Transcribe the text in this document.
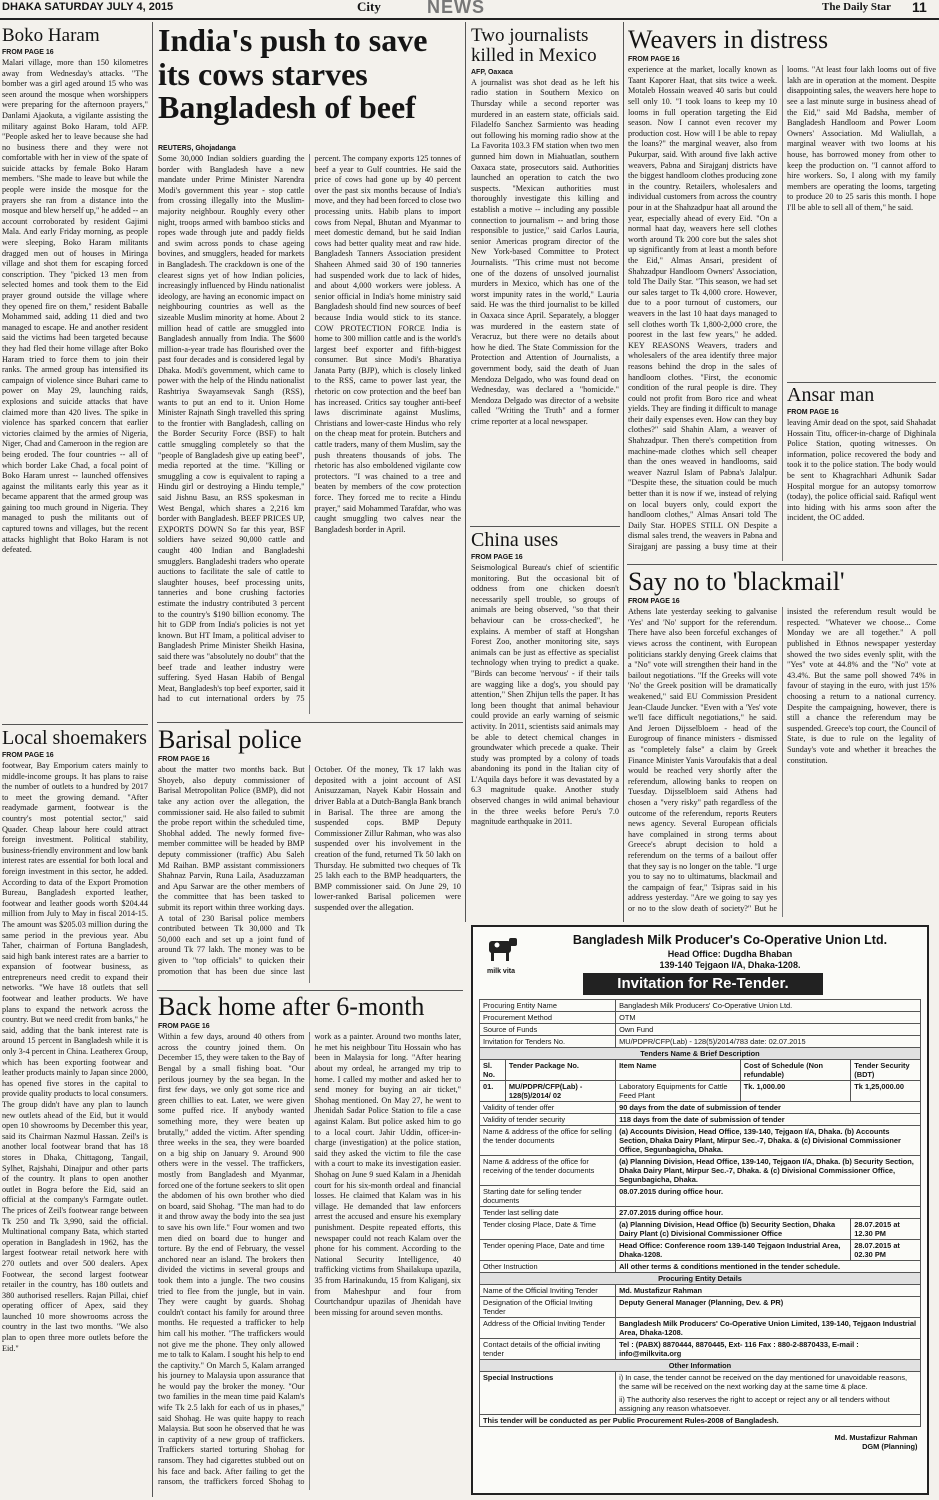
DHAKA SATURDAY JULY 4, 2015	City	NEWS	The Daily Star 11
Boko Haram
FROM PAGE 16
Malari village, more than 150 kilometres away from Wednesday's attacks. "The bomber was a girl aged around 15 who was seen around the mosque when worshippers were preparing for the afternoon prayers," Danlami Ajaokuta, a vigilante assisting the military against Boko Haram, told AFP. "People asked her to leave because she had no business there and they were not comfortable with her in view of the spate of suicide attacks by female Boko Haram members. "She made to leave but while the people were inside the mosque for the prayers she ran from a distance into the mosque and blew herself up," he added -- an account corroborated by resident Gajimi Mala. And early Friday morning, as people were sleeping, Boko Haram militants dragged men out of houses in Miringa village and shot them for escaping forced conscription. They "picked 13 men from selected homes and took them to the Eid prayer ground outside the village where they opened fire on them," resident Baballe Mohammed said, adding 11 died and two managed to escape. He and another resident said the victims had been targeted because they had fled their home village after Boko Haram tried to force them to join their ranks. The armed group has intensified its campaign of violence since Buhari came to power on May 29, launching raids, explosions and suicide attacks that have claimed more than 420 lives. The spike in violence has sparked concern that earlier victories claimed by the armies of Nigeria, Niger, Chad and Cameroon in the region are being eroded. The four countries -- all of which border Lake Chad, a focal point of Boko Haram unrest -- launched offensives against the militants early this year as it became apparent that the armed group was gaining too much ground in Nigeria. They managed to push the militants out of captured towns and villages, but the recent attacks highlight that Boko Haram is not defeated.
Local shoemakers
FROM PAGE 16
footwear, Bay Emporium caters mainly to middle-income groups. It has plans to raise the number of outlets to a hundred by 2017 to meet the growing demand. "After readymade garment, footwear is the country's most potential sector," said Quader. Cheap labour here could attract foreign investment. Political stability, business-friendly environment and low bank interest rates are essential for both local and foreign investment in this sector, he added. According to data of the Export Promotion Bureau, Bangladesh exported leather, footwear and leather goods worth $204.44 million from July to May in fiscal 2014-15. The amount was $205.03 million during the same period in the previous year. Abu Taher, chairman of Fortuna Bangladesh, said high bank interest rates are a barrier to expansion of footwear business, as entrepreneurs need credit to expand their networks. "We have 18 outlets that sell footwear and leather products. We have plans to expand the network across the country. But we need credit from banks," he said, adding that the bank interest rate is around 15 percent in Bangladesh while it is only 3-4 percent in China. Leatherex Group, which has been exporting footwear and leather products mainly to Japan since 2000, has opened five stores in the capital to provide quality products to local consumers. The group didn't have any plan to launch new outlets ahead of the Eid, but it would open 10 showrooms by December this year, said its Chairman Nazmul Hassan. Zeil's is another local footwear brand that has 18 stores in Dhaka, Chittagong, Tangail, Sylhet, Rajshahi, Dinajpur and other parts of the country. It plans to open another outlet in Bogra before the Eid, said an official at the company's Farmgate outlet. The prices of Zeil's footwear range between Tk 250 and Tk 3,990, said the official. Multinational company Bata, which started operation in Bangladesh in 1962, has the largest footwear retail network here with 270 outlets and over 500 dealers. Apex Footwear, the second largest footwear retailer in the country, has 180 outlets and 380 authorised resellers. Rajan Pillai, chief operating officer of Apex, said they launched 10 more showrooms across the country in the last two months. "We also plan to open three more outlets before the Eid."
India's push to save its cows starves Bangladesh of beef
REUTERS, Ghojadanga
Some 30,000 Indian soldiers guarding the border with Bangladesh have a new mandate under Prime Minister Narendra Modi's government this year - stop cattle from crossing illegally into the Muslim-majority neighbour. Roughly every other night, troops armed with bamboo sticks and ropes wade through jute and paddy fields and swim across ponds to chase ageing bovines, and smugglers, headed for markets in Bangladesh. The crackdown is one of the clearest signs yet of how Indian policies, increasingly influenced by Hindu nationalist ideology, are having an economic impact on neighbouring countries as well as the sizeable Muslim minority at home. About 2 million head of cattle are smuggled into Bangladesh annually from India. The $600 million-a-year trade has flourished over the past four decades and is considered legal by Dhaka. Modi's government, which came to power with the help of the Hindu nationalist Rashtriya Swayamsevak Sangh (RSS), wants to put an end to it. Union Home Minister Rajnath Singh travelled this spring to the frontier with Bangladesh, calling on the Border Security Force (BSF) to halt cattle smuggling completely so that the "people of Bangladesh give up eating beef", media reported at the time. "Killing or smuggling a cow is equivalent to raping a Hindu girl or destroying a Hindu temple," said Jishnu Basu, an RSS spokesman in West Bengal, which shares a 2,216 km border with Bangladesh. BEEF PRICES UP, EXPORTS DOWN So far this year, BSF soldiers have seized 90,000 cattle and caught 400 Indian and Bangladeshi smugglers. Bangladeshi traders who operate auctions to facilitate the sale of cattle to slaughter houses, beef processing units, tanneries and bone crushing factories estimate the industry contributed 3 percent to the country's $190 billion economy. The hit to GDP from India's policies is not yet known. But HT Imam, a political adviser to Bangladesh Prime Minister Sheikh Hasina, said there was "absolutely no doubt" that the beef trade and leather industry were suffering. Syed Hasan Habib of Bengal Meat, Bangladesh's top beef exporter, said it had to cut international orders by 75 percent. The company exports 125 tonnes of beef a year to Gulf countries. He said the price of cows had gone up by 40 percent over the past six months because of India's move, and they had been forced to close two processing units. Habib plans to import cows from Nepal, Bhutan and Myanmar to meet domestic demand, but he said Indian cows had better quality meat and raw hide. Bangladesh Tanners Association president Shaheen Ahmed said 30 of 190 tanneries had suspended work due to lack of hides, and about 4,000 workers were jobless. A senior official in India's home ministry said Bangladesh should find new sources of beef because India would stick to its stance. COW PROTECTION FORCE India is home to 300 million cattle and is the world's largest beef exporter and fifth-biggest consumer. But since Modi's Bharatiya Janata Party (BJP), which is closely linked to the RSS, came to power last year, the rhetoric on cow protection and the beef ban has increased. Critics say tougher anti-beef laws discriminate against Muslims, Christians and lower-caste Hindus who rely on the cheap meat for protein. Butchers and cattle traders, many of them Muslim, say the push threatens thousands of jobs. The rhetoric has also emboldened vigilante cow protectors. "I was chained to a tree and beaten by members of the cow protection force. They forced me to recite a Hindu prayer," said Mohammed Tarafdar, who was caught smuggling two calves near the Bangladesh border in April.
Barisal police
FROM PAGE 16
about the matter two months back. But Shoyeb, also deputy commissioner of Barisal Metropolitan Police (BMP), did not take any action over the allegation, the commissioner said. He also failed to submit the probe report within the scheduled time, Shobhal added. The newly formed five-member committee will be headed by BMP deputy commissioner (traffic) Abu Saleh Md Raihan. BMP assistant commissioners Shahnaz Parvin, Runa Laila, Asaduzzaman and Apu Sarwar are the other members of the committee that has been tasked to submit its report within three working days. A total of 230 Barisal police members contributed between Tk 30,000 and Tk 50,000 each and set up a joint fund of around Tk 77 lakh. The money was to be given to "top officials" to quicken their promotion that has been due since last October. Of the money, Tk 17 lakh was deposited with a joint account of ASI Anisuzzaman, Nayek Kabir Hossain and driver Babla at a Dutch-Bangla Bank branch in Barisal. The three are among the suspended cops. BMP Deputy Commissioner Zillur Rahman, who was also suspended over his involvement in the creation of the fund, returned Tk 50 lakh on Thursday. He submitted two cheques of Tk 25 lakh each to the BMP headquarters, the BMP commissioner said. On June 29, 10 lower-ranked Barisal policemen were suspended over the allegation.
Back home after 6-month
FROM PAGE 16
Within a few days, around 40 others from across the country joined them. On December 15, they were taken to the Bay of Bengal by a small fishing boat. "Our perilous journey by the sea began. In the first few days, we only got some rice and green chillies to eat. Later, we were given some puffed rice. If anybody wanted something more, they were beaten up brutally," added the victim. After spending three weeks in the sea, they were boarded on a big ship on January 9. Around 900 others were in the vessel. The traffickers, mostly from Bangladesh and Myanmar, forced one of the fortune seekers to slit open the abdomen of his own brother who died on board, said Shohag. "The man had to do it and throw away the body into the sea just to save his own life." Four women and two men died on board due to hunger and torture. By the end of February, the vessel anchored near an island. The brokers then divided the victims in several groups and took them into a jungle. The two cousins tried to flee from the jungle, but in vain. They were caught by guards. Shohag couldn't contact his family for around three months. He requested a trafficker to help him call his mother. "The traffickers would not give me the phone. They only allowed me to talk to Kalam. I sought his help to end the captivity." On March 5, Kalam arranged his journey to Malaysia upon assurance that he would pay the broker the money. "Our two families in the mean time paid Kalam's wife Tk 2.5 lakh for each of us in phases," said Shohag. He was quite happy to reach Malaysia. But soon he observed that he was in captivity of a new group of traffickers. Traffickers started torturing Shohag for ransom. They had cigarettes stubbed out on his face and back. After failing to get the ransom, the traffickers forced Shohag to work as a painter. Around two months later, he met his neighbour Titu Hossain who has been in Malaysia for long. "After hearing about my ordeal, he arranged my trip to home. I called my mother and asked her to send money for buying an air ticket," Shohag mentioned. On May 27, he went to Jhenidah Sadar Police Station to file a case against Kalam. But police asked him to go to a local court. Jahir Uddin, officer-in-charge (investigation) at the police station, said they asked the victim to file the case with a court to make its investigation easier. Shohag on June 9 sued Kalam in a Jhenidah court for his six-month ordeal and financial losses. He claimed that Kalam was in his village. He demanded that law enforcers arrest the accused and ensure his exemplary punishment. Despite repeated efforts, this newspaper could not reach Kalam over the phone for his comment. According to the National Security Intelligence, 40 trafficking victims from Shailakupa upazila, 35 from Harinakundu, 15 from Kaliganj, six from Maheshpur and four from Courtchandpur upazilas of Jhenidah have been missing for around seven months.
Two journalists killed in Mexico
AFP, Oaxaca
A journalist was shot dead as he left his radio station in Southern Mexico on Thursday while a second reporter was murdered in an eastern state, officials said. Filadelfo Sanchez Sarmiento was heading out following his morning radio show at the La Favorita 103.3 FM station when two men gunned him down in Miahuatlan, southern Oaxaca state, prosecutors said. Authorities launched an operation to catch the two suspects. "Mexican authorities must thoroughly investigate this killing and establish a motive -- including any possible connection to journalism -- and bring those responsible to justice," said Carlos Lauria, senior Americas program director of the New York-based Committee to Protect Journalists. "This crime must not become one of the dozens of unsolved journalist murders in Mexico, which has one of the worst impunity rates in the world," Lauria said. He was the third journalist to be killed in Oaxaca since April. Separately, a blogger was murdered in the eastern state of Veracruz, but there were no details about how he died. The State Commission for the Protection and Attention of Journalists, a government body, said the death of Juan Mendoza Delgado, who was found dead on Wednesday, was declared a "homicide." Mendoza Delgado was director of a website called "Writing the Truth" and a former crime reporter at a local newspaper.
China uses
FROM PAGE 16
Seismological Bureau's chief of scientific monitoring. But the occasional bit of oddness from one chicken doesn't necessarily spell trouble, so groups of animals are being observed, "so that their behaviour can be cross-checked", he explains. A member of staff at Hongshan Forest Zoo, another monitoring site, says animals can be just as effective as specialist technology when trying to predict a quake. "Birds can become 'nervous' - if their tails are wagging like a dog's, you should pay attention," Shen Zhijun tells the paper. It has long been thought that animal behaviour could provide an early warning of seismic activity. In 2011, scientists said animals may be able to detect chemical changes in groundwater which precede a quake. Their study was prompted by a colony of toads abandoning its pond in the Italian city of L'Aquila days before it was devastated by a 6.3 magnitude quake. Another study observed changes in wild animal behaviour in the three weeks before Peru's 7.0 magnitude earthquake in 2011.
Weavers in distress
FROM PAGE 16
experience at the market, locally known as Taant Kaporer Haat, that sits twice a week. Motaleb Hossain weaved 40 saris but could sell only 10. "I took loans to keep my 10 looms in full operation targeting the Eid season. Now I cannot even recover my production cost. How will I be able to repay the loans?" the marginal weaver, also from Pukurpar, said. With around five lakh active weavers, Pabna and Sirajganj districts have the biggest handloom clothes producing zone in the country. Retailers, wholesalers and individual customers from across the country pour in at the Shahzadpur haat all around the year, especially ahead of every Eid. "On a normal haat day, weavers here sell clothes worth around Tk 200 core but the sales shot up significantly from at least a month before the Eid," Almas Ansari, president of Shahzadpur Handloom Owners' Association, told The Daily Star. "This season, we had set our sales target to Tk 4,000 crore. However, due to a poor turnout of customers, our weavers in the last 10 haat days managed to sell clothes worth Tk 1,800-2,000 crore, the poorest in the last few years," he added. KEY REASONS Weavers, traders and wholesalers of the area identify three major reasons behind the drop in the sales of handloom clothes. "First, the economic condition of the rural people is dire. They could not profit from Boro rice and wheat yields. They are finding it difficult to manage their daily expenses even. How can they buy clothes?" said Shahin Alam, a weaver of Shahzadpur. Then there's competition from machine-made clothes which sell cheaper than the ones weaved in handlooms, said weaver Nazrul Islam of Pabna's Jalalpur. "Despite these, the situation could be much better than it is now if we, instead of relying on local buyers only, could export the handloom clothes," Almas Ansari told The Daily Star. HOPES STILL ON Despite a dismal sales trend, the weavers in Pabna and Sirajganj are passing a busy time at their looms. "At least four lakh looms out of five lakh are in operation at the moment. Despite disappointing sales, the weavers here hope to see a last minute surge in business ahead of the Eid," said Md Badsha, member of Bangladesh Handloom and Power Loom Owners' Association. Md Waliullah, a marginal weaver with two looms at his house, has borrowed money from other to keep the production on. "I cannot afford to hire workers. So, I along with my family members are operating the looms, targeting to produce 20 to 25 saris this month. I hope I'll be able to sell all of them," he said.
Ansar man
FROM PAGE 16
leaving Amir dead on the spot, said Shahadat Hossain Titu, officer-in-charge of Dighinala Police Station, quoting witnesses. On information, police recovered the body and took it to the police station. The body would be sent to Khagrachhari Adhunik Sadar Hospital morgue for an autopsy tomorrow (today), the police official said. Rafiqul went into hiding with his arms soon after the incident, the OC added.
Say no to 'blackmail'
FROM PAGE 16
Athens late yesterday seeking to galvanise 'Yes' and 'No' support for the referendum. There have also been forceful exchanges of views across the continent, with European politicians starkly denying Greek claims that a "No" vote will strengthen their hand in the bailout negotiations. "If the Greeks will vote 'No' the Greek position will be dramatically weakened," said EU Commission President Jean-Claude Juncker. "Even with a 'Yes' vote we'll face difficult negotiations," he said. And Jeroen Dijsselbloem - head of the Eurogroup of finance ministers - dismissed as "completely false" a claim by Greek Finance Minister Yanis Varoufakis that a deal would be reached very shortly after the referendum, allowing banks to reopen on Tuesday. Dijsselbloem said Athens had chosen a "very risky" path regardless of the outcome of the referendum, reports Reuters news agency. Several European officials have complained in strong terms about Greece's abrupt decision to hold a referendum on the terms of a bailout offer that they say is no longer on the table. "I urge you to say no to ultimatums, blackmail and the campaign of fear," Tsipras said in his address yesterday. "Are we going to say yes or no to the slow death of society?" But he insisted the referendum result would be respected. "Whatever we choose... Come Monday we are all together." A poll published in Ethnos newspaper yesterday showed the two sides evenly split, with the "Yes" vote at 44.8% and the "No" vote at 43.4%. But the same poll showed 74% in favour of staying in the euro, with just 15% choosing a return to a national currency. Despite the campaigning, however, there is still a chance the referendum may be suspended. Greece's top court, the Council of State, is due to rule on the legality of Sunday's vote and whether it breaches the constitution.
milk vita
Bangladesh Milk Producer's Co-Operative Union Ltd.
Head Office: Dugdha Bhaban
139-140 Tejgaon I/A, Dhaka-1208.
Invitation for Re-Tender.
Procuring Entity Name		Bangladesh Milk Producers' Co-Operative Union Ltd.		
Procurement Method		OTM		
Source of Funds		Own Fund		
Invitation for Tenders No.		MU/PDPR/CFP(Lab) - 128(5)/2014/783 date: 02.07.2015		
Tenders Name & Brief Description				
Sl. No.	Tender Package No.	Item Name	Cost of Schedule (Non refundable)	Tender Security (BDT)
01.	MU/PDPR/CFP(Lab) - 128(5)/2014/ 02	Laboratory Equipments for Cattle Feed Plant	Tk. 1,000.00	Tk 1,25,000.00
Validity of tender offer		90 days from the date of submission of tender		
Validity of tender security		118 days from the date of submission of tender		
Name & address of the office for selling the tender documents		(a) Accounts Division, Head Office, 139-140, Tejgaon I/A, Dhaka. (b) Accounts Section, Dhaka Dairy Plant, Mirpur Sec.-7, Dhaka. & (c) Divisional Commissioner Office, Segunbagicha, Dhaka.		
Name & address of the office for receiving of the tender documents		(a) Planning Division, Head Office, 139-140, Tejgaon I/A, Dhaka. (b) Security Section, Dhaka Dairy Plant, Mirpur Sec.-7, Dhaka. & (c) Divisional Commissioner Office, Segunbagicha, Dhaka.		
Starting date for selling tender documents		08.07.2015 during office hour.		
Tender last selling date		27.07.2015 during office hour.		
Tender closing Place, Date & Time		(a) Planning Division, Head Office (b) Security Section, Dhaka Dairy Plant (c) Divisional Commissioner Office		28.07.2015 at 12.30 PM
Tender opening Place, Date and time		Head Office: Conference room 139-140 Tejgaon Industrial Area, Dhaka-1208.		28.07.2015 at 02.30 PM
Other Instruction		All other terms & conditions mentioned in the tender schedule.		
Procuring Entity Details				
Name of the Official Inviting Tender		Md. Mustafizur Rahman		
Designation of the Official Inviting Tender		Deputy General Manager (Planning, Dev. & PR)		
Address of the Official Inviting Tender		Bangladesh Milk Producers' Co-Operative Union Limited, 139-140, Tejgaon Industrial Area, Dhaka-1208.		
Contact details of the official inviting tender		Tel : (PABX) 8870444, 8870445, Ext- 116 Fax : 880-2-8870433, E-mail : info@milkvita.org		
Other Information				
Special Instructions		i) In case, the tender cannot be received on the day mentioned for unavoidable reasons, the same will be received on the next working day at the same time & place.
ii) The authority also reserves the right to accept or reject any or all tenders without assigning any reason whatsoever.		

This tender will be conducted as per Public Procurement Rules-2008 of Bangladesh.				

Md. Mustafizur Rahman
DGM (Planning)				
